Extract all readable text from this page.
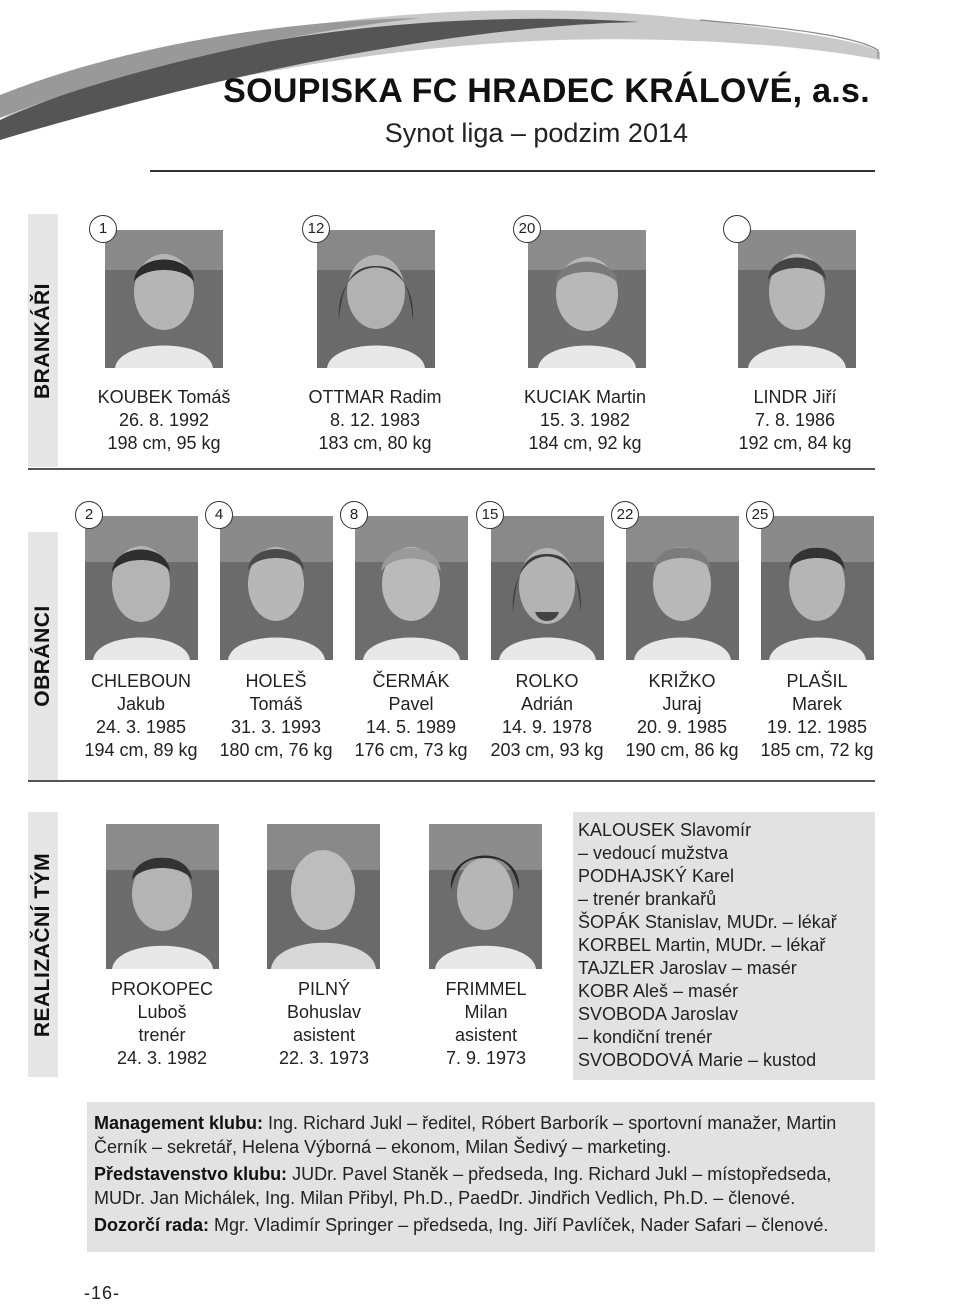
SOUPISKA FC HRADEC KRÁLOVÉ, a.s.
Synot liga – podzim 2014
BRANKÁŘI
1
KOUBEK Tomáš
26. 8. 1992
198 cm, 95 kg
12
OTTMAR Radim
8. 12. 1983
183 cm, 80 kg
20
KUCIAK Martin
15. 3. 1982
184 cm, 92 kg
LINDR Jiří
7. 8. 1986
192 cm, 84 kg
OBRÁNCI
2
CHLEBOUN
Jakub
24. 3. 1985
194 cm, 89 kg
4
HOLEŠ
Tomáš
31. 3. 1993
180 cm, 76 kg
8
ČERMÁK
Pavel
14. 5. 1989
176 cm, 73 kg
15
ROLKO
Adrián
14. 9. 1978
203 cm, 93 kg
22
KRIŽKO
Juraj
20. 9. 1985
190 cm, 86 kg
25
PLAŠIL
Marek
19. 12. 1985
185 cm, 72 kg
REALIZAČNÍ TÝM	PROKOPEC
Luboš
trenér
24. 3. 1982
PILNÝ
Bohuslav
asistent
22. 3. 1973
FRIMMEL
Milan
asistent
7. 9. 1973
KALOUSEK Slavomír
– vedoucí mužstva
PODHAJSKÝ Karel
– trenér brankařů
ŠOPÁK Stanislav, MUDr. – lékař
KORBEL Martin, MUDr. – lékař
TAJZLER Jaroslav – masér
KOBR Aleš – masér
SVOBODA Jaroslav
– kondiční trenér
SVOBODOVÁ Marie – kustod

Management klubu: Ing. Richard Jukl – ředitel, Róbert Barborík – sportovní manažer, Martin Černík – sekretář, Helena Výborná – ekonom, Milan Šedivý – marketing.

Představenstvo klubu: JUDr. Pavel Staněk – předseda, Ing. Richard Jukl – místopředseda, MUDr. Jan Michálek, Ing. Milan Přibyl, Ph.D., PaedDr. Jindřich Vedlich, Ph.D. – členové.

Dozorčí rada: Mgr. Vladimír Springer – předseda, Ing. Jiří Pavlíček, Nader Safari – členové.

-16-
